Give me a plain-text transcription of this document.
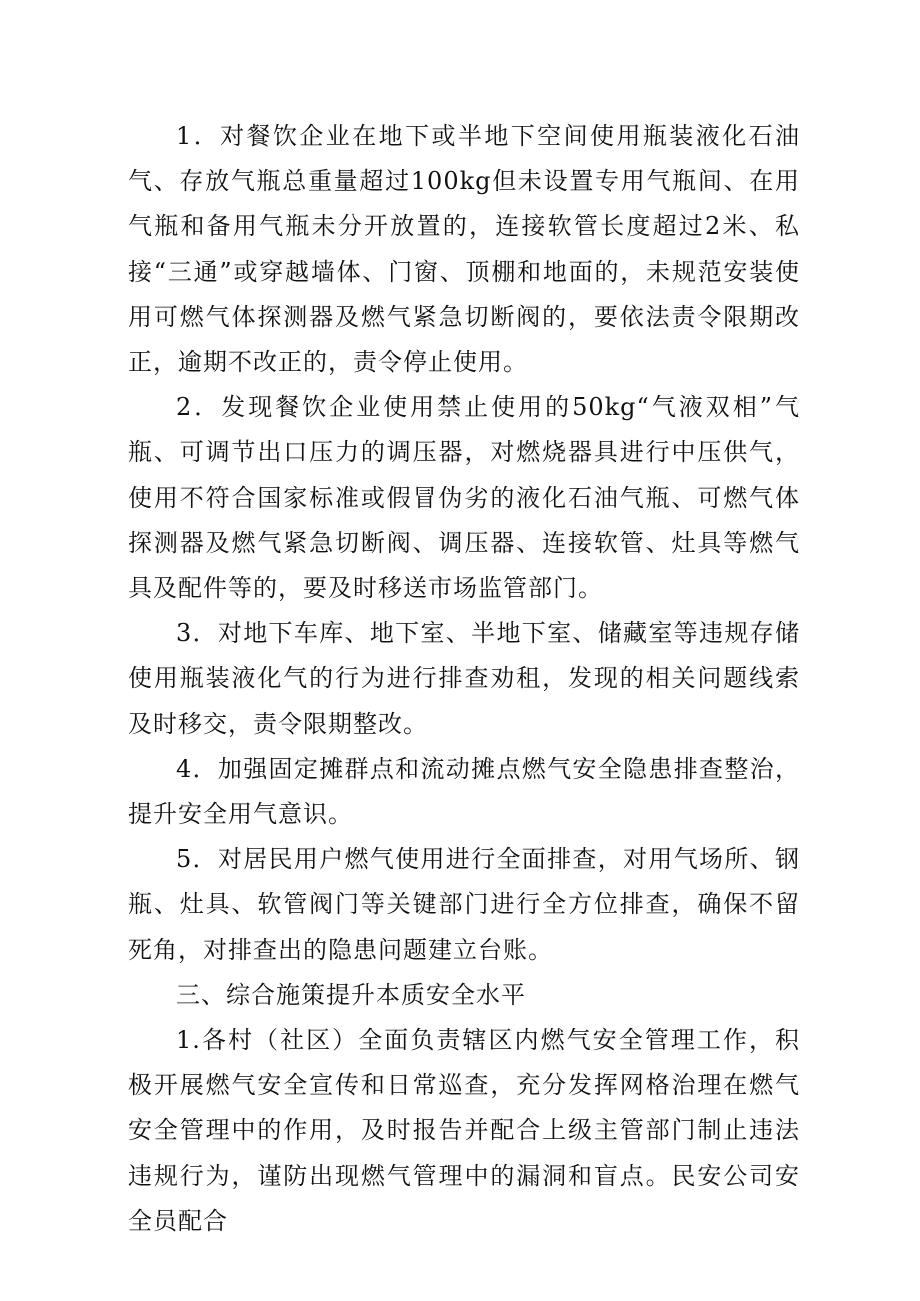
1．对餐饮企业在地下或半地下空间使用瓶装液化石油气、存放气瓶总重量超过100kg但未设置专用气瓶间、在用气瓶和备用气瓶未分开放置的，连接软管长度超过2米、私接“三通”或穿越墙体、门窗、顶棚和地面的，未规范安装使用可燃气体探测器及燃气紧急切断阀的，要依法责令限期改正，逾期不改正的，责令停止使用。

2．发现餐饮企业使用禁止使用的50kg“气液双相”气瓶、可调节出口压力的调压器，对燃烧器具进行中压供气，使用不符合国家标准或假冒伪劣的液化石油气瓶、可燃气体探测器及燃气紧急切断阀、调压器、连接软管、灶具等燃气具及配件等的，要及时移送市场监管部门。

3．对地下车库、地下室、半地下室、储藏室等违规存储使用瓶装液化气的行为进行排查劝租，发现的相关问题线索及时移交，责令限期整改。

4．加强固定摊群点和流动摊点燃气安全隐患排查整治，提升安全用气意识。

5．对居民用户燃气使用进行全面排查，对用气场所、钢瓶、灶具、软管阀门等关键部门进行全方位排查，确保不留死角，对排查出的隐患问题建立台账。

三、综合施策提升本质安全水平

1.各村（社区）全面负责辖区内燃气安全管理工作，积极开展燃气安全宣传和日常巡查，充分发挥网格治理在燃气安全管理中的作用，及时报告并配合上级主管部门制止违法违规行为，谨防出现燃气管理中的漏洞和盲点。民安公司安全员配合
